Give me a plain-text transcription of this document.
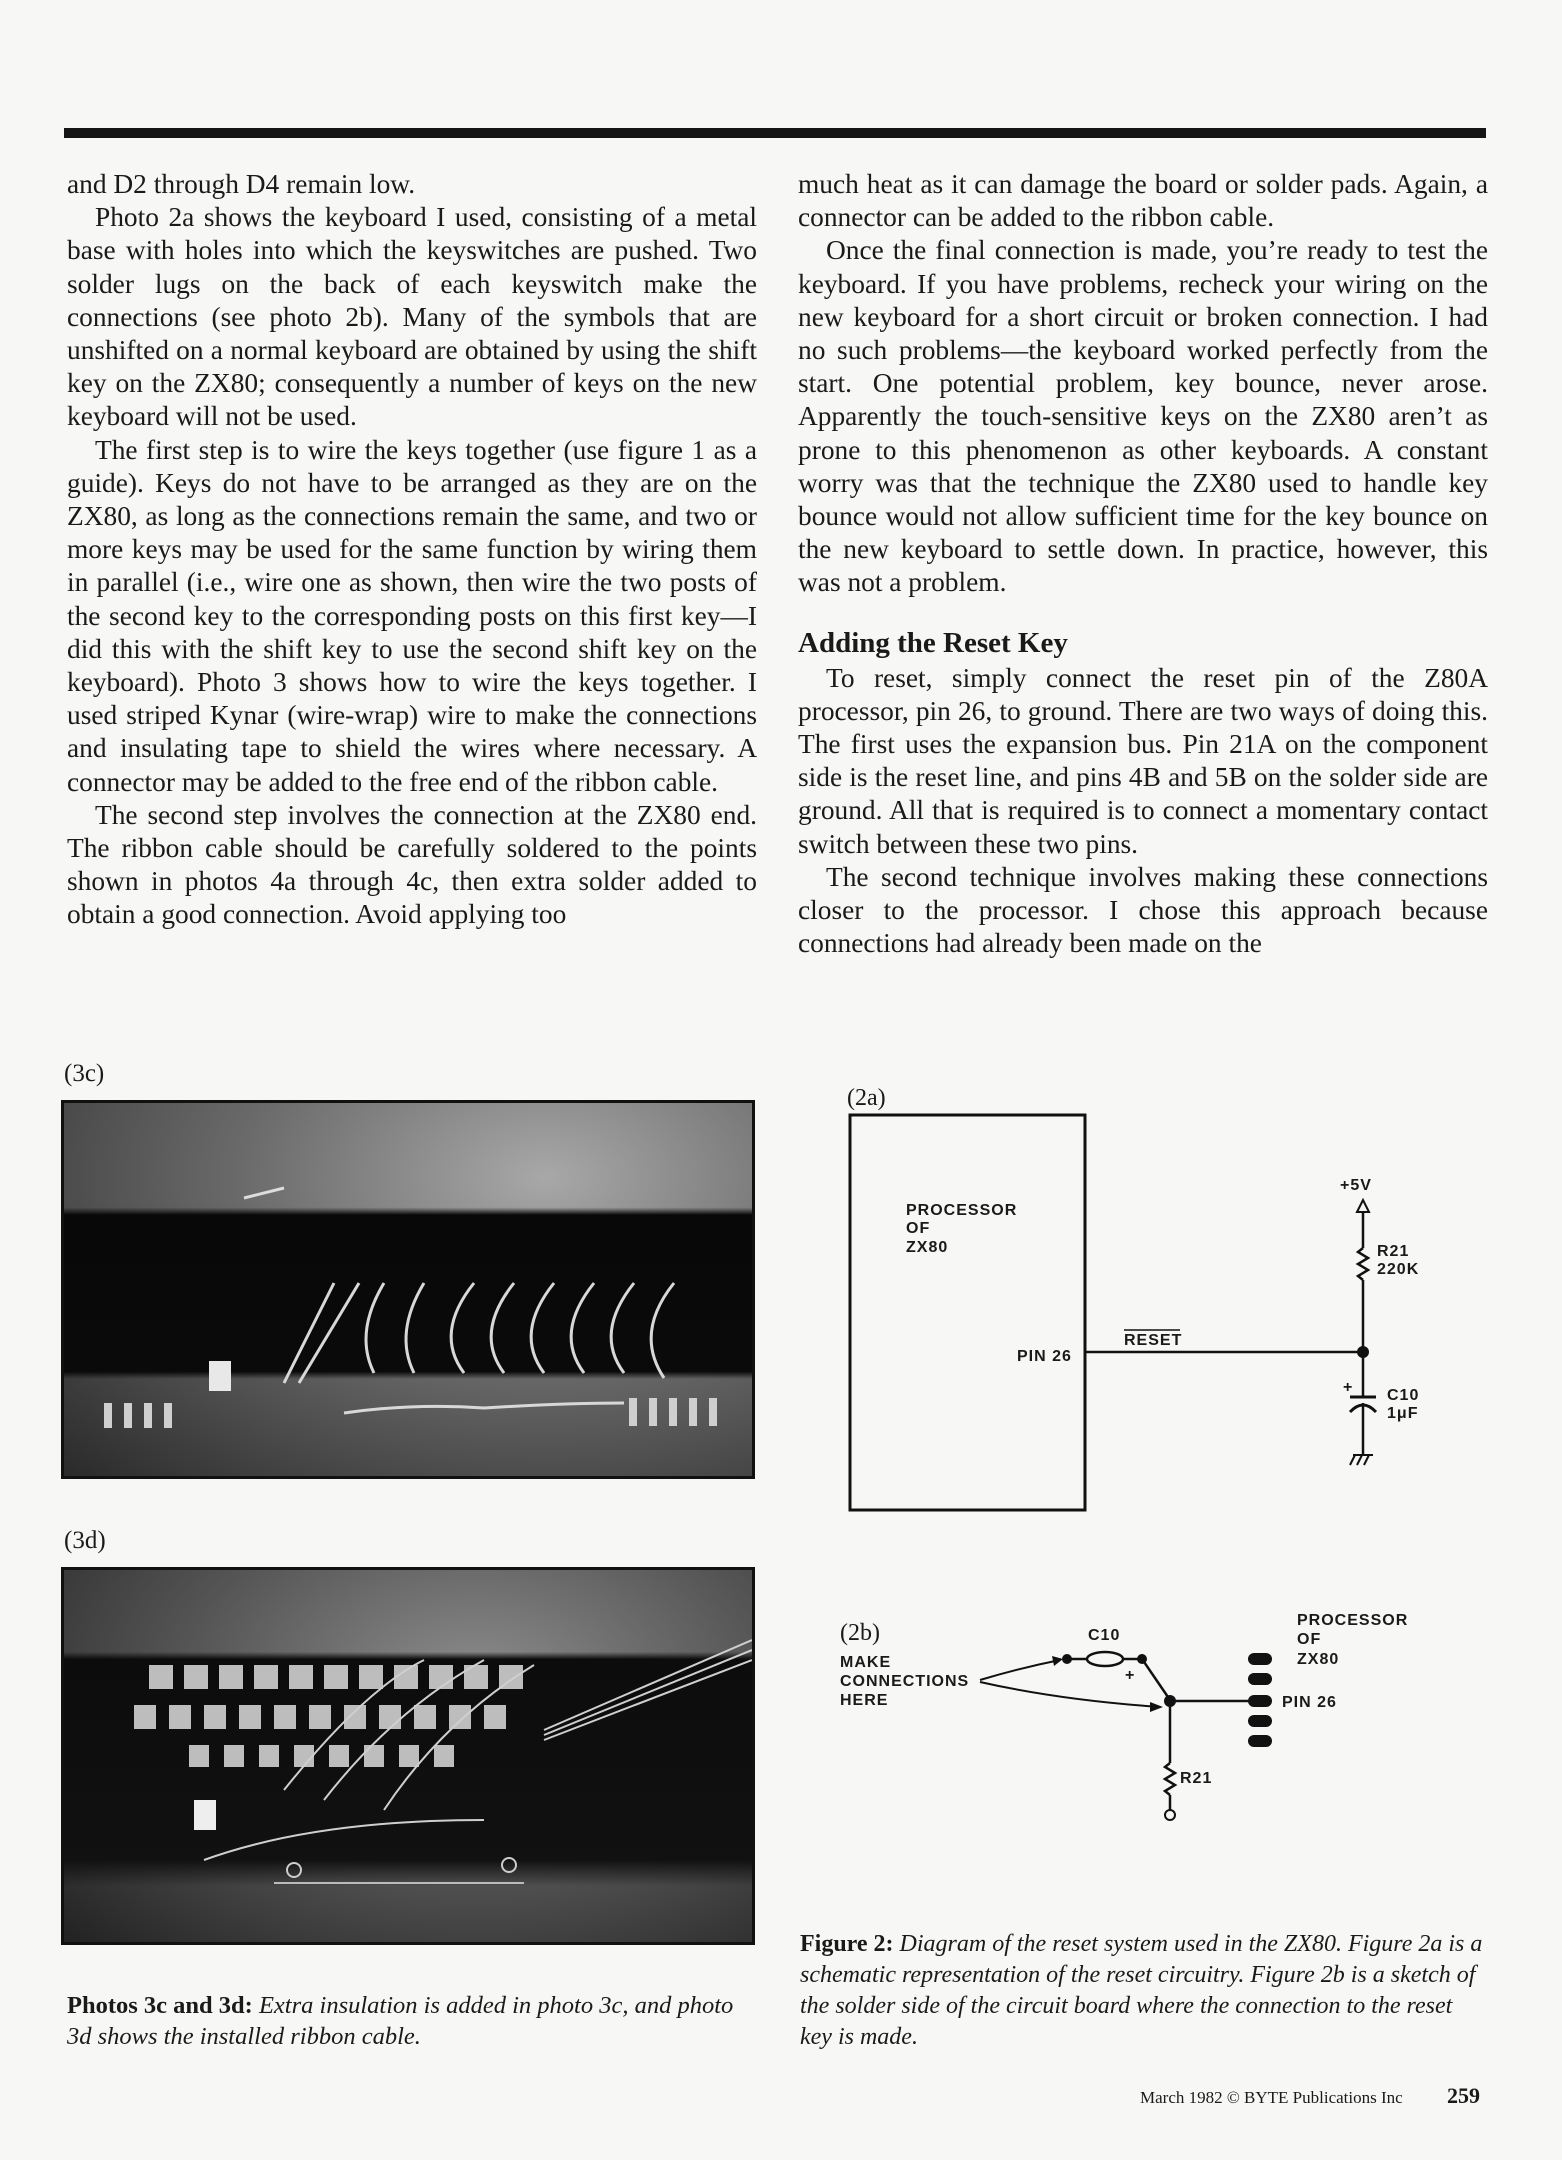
and D2 through D4 remain low.

Photo 2a shows the keyboard I used, consisting of a metal base with holes into which the keyswitches are pushed. Two solder lugs on the back of each keyswitch make the connections (see photo 2b). Many of the symbols that are unshifted on a normal keyboard are obtained by using the shift key on the ZX80; consequently a number of keys on the new keyboard will not be used.

The first step is to wire the keys together (use figure 1 as a guide). Keys do not have to be arranged as they are on the ZX80, as long as the connections remain the same, and two or more keys may be used for the same function by wiring them in parallel (i.e., wire one as shown, then wire the two posts of the second key to the corresponding posts on this first key—I did this with the shift key to use the second shift key on the keyboard). Photo 3 shows how to wire the keys together. I used striped Kynar (wire-wrap) wire to make the connections and insulating tape to shield the wires where necessary. A connector may be added to the free end of the ribbon cable.

The second step involves the connection at the ZX80 end. The ribbon cable should be carefully soldered to the points shown in photos 4a through 4c, then extra solder added to obtain a good connection. Avoid applying too

much heat as it can damage the board or solder pads. Again, a connector can be added to the ribbon cable.

Once the final connection is made, you’re ready to test the keyboard. If you have problems, recheck your wiring on the new keyboard for a short circuit or broken connection. I had no such problems—the keyboard worked perfectly from the start. One potential problem, key bounce, never arose. Apparently the touch-sensitive keys on the ZX80 aren’t as prone to this phenomenon as other keyboards. A constant worry was that the technique the ZX80 used to handle key bounce would not allow sufficient time for the key bounce on the new keyboard to settle down. In practice, however, this was not a problem.

Adding the Reset Key

To reset, simply connect the reset pin of the Z80A processor, pin 26, to ground. There are two ways of doing this. The first uses the expansion bus. Pin 21A on the component side is the reset line, and pins 4B and 5B on the solder side are ground. All that is required is to connect a momentary contact switch between these two pins.

The second technique involves making these connections closer to the processor. I chose this approach because connections had already been made on the

(3c)
(3d)
Photos 3c and 3d: Extra insulation is added in photo 3c, and photo 3d shows the installed ribbon cable.
(2a)
PROCESSOR
OF
ZX80
PIN 26
RESET
+5V
R21
220K
+ C10
1μF
(2b)
MAKE
CONNECTIONS
HERE
C10
+
R21
PROCESSOR
OF
ZX80
PIN 26
Figure 2: Diagram of the reset system used in the ZX80. Figure 2a is a schematic representation of the reset circuitry. Figure 2b is a sketch of the solder side of the circuit board where the connection to the reset key is made.
March 1982 © BYTE Publications Inc 259
